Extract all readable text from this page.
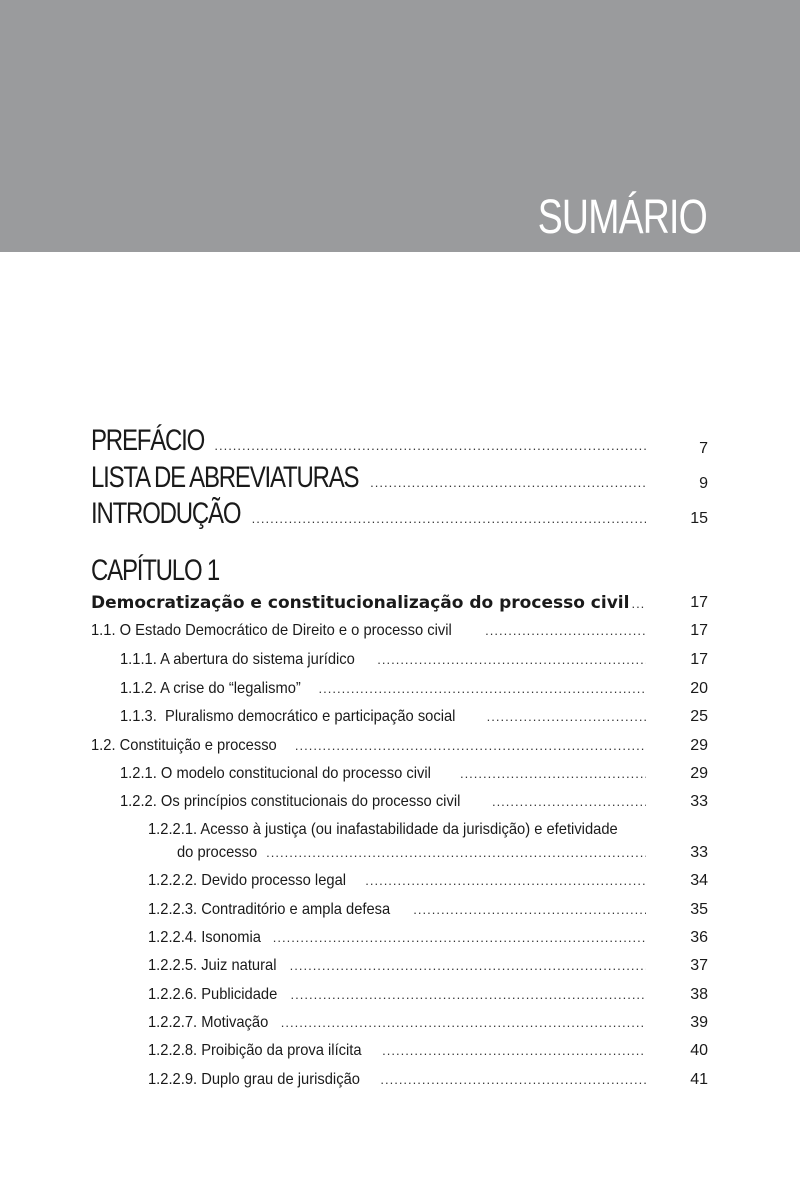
SUMÁRIO
PREFÁCIO .....	7
LISTA DE ABREVIATURAS .....	9
INTRODUÇÃO .....	15
CAPÍTULO 1
Democratização e constitucionalização do processo civil .....	17
1.1. O Estado Democrático de Direito e o processo civil .....	17
1.1.1. A abertura do sistema jurídico .....	17
1.1.2. A crise do “legalismo” .....	20
1.1.3.  Pluralismo democrático e participação social .....	25
1.2. Constituição e processo .....	29
1.2.1. O modelo constitucional do processo civil .....	29
1.2.2. Os princípios constitucionais do processo civil .....	33
1.2.2.1. Acesso à justiça (ou inafastabilidade da jurisdição) e efetividade
do processo .....	33
1.2.2.2. Devido processo legal .....	34
1.2.2.3. Contraditório e ampla defesa .....	35
1.2.2.4. Isonomia .....	36
1.2.2.5. Juiz natural .....	37
1.2.2.6. Publicidade .....	38
1.2.2.7. Motivação .....	39
1.2.2.8. Proibição da prova ilícita .....	40
1.2.2.9. Duplo grau de jurisdição .....	41
